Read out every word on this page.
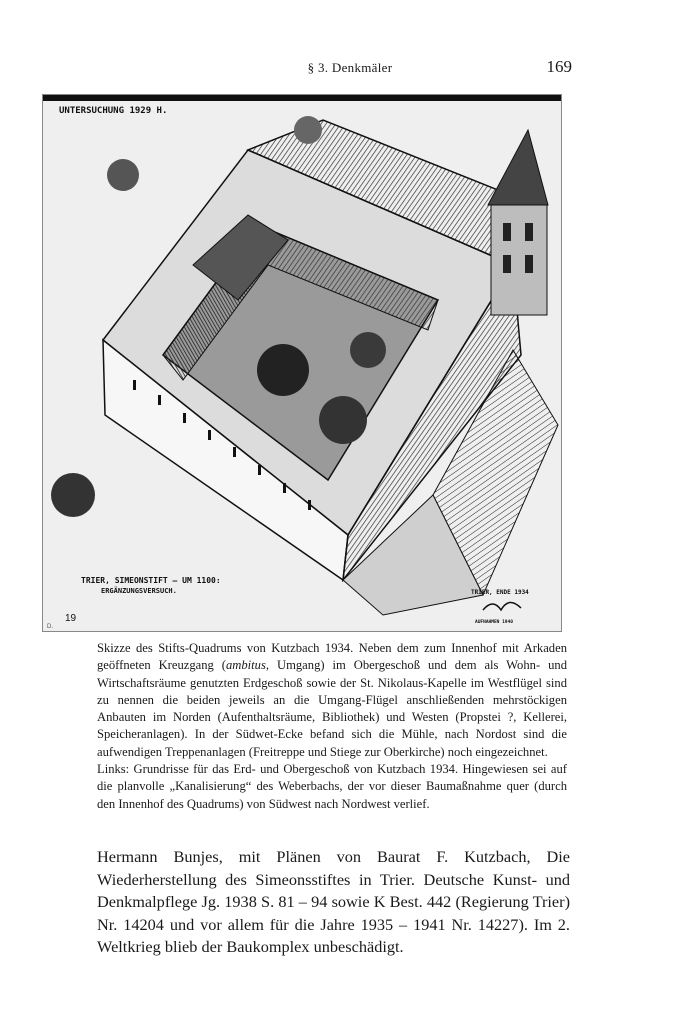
§ 3. Denkmäler	169
UNTERSUCHUNG 1929 H.
TRIER, SIMEONSTIFT – UM 1100:
ERGÄNZUNGSVERSUCH.	TRIER, ENDE 1934
AUFNAHMEN 1940
19
D.

Skizze des Stifts-Quadrums von Kutzbach 1934. Neben dem zum Innenhof mit Arkaden geöffneten Kreuzgang (ambitus, Umgang) im Obergeschoß und dem als Wohn- und Wirtschaftsräume genutzten Erdgeschoß sowie der St. Nikolaus-Kapelle im Westflügel sind zu nennen die beiden jeweils an die Umgang-Flügel anschließenden mehrstöckigen Anbauten im Norden (Aufenthaltsräume, Bibliothek) und Westen (Propstei ?, Kellerei, Speicheranlagen). In der Südwet-Ecke befand sich die Mühle, nach Nordost sind die aufwendigen Treppenanlagen (Freitreppe und Stiege zur Oberkirche) noch eingezeichnet.

Links: Grundrisse für das Erd- und Obergeschoß von Kutzbach 1934. Hingewiesen sei auf die planvolle „Kanalisierung“ des Weberbachs, der vor dieser Baumaßnahme quer (durch den Innenhof des Quadrums) von Südwest nach Nordwest verlief.

Hermann Bunjes, mit Plänen von Baurat F. Kutzbach, Die Wiederherstellung des Simeonsstiftes in Trier. Deutsche Kunst- und Denkmalpflege Jg. 1938 S. 81 – 94 sowie K Best. 442 (Regierung Trier) Nr. 14204 und vor allem für die Jahre 1935 – 1941 Nr. 14227). Im 2. Weltkrieg blieb der Baukomplex unbeschädigt.
